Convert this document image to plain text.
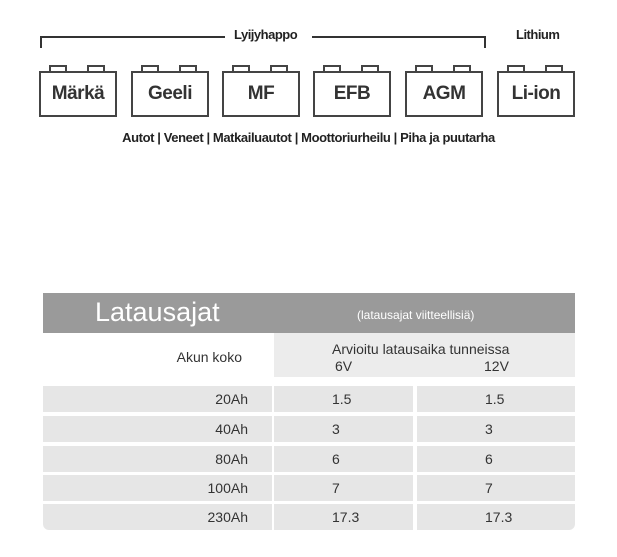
Lyijyhappo	Lithium
Märkä	Geeli	MF	EFB	AGM	Li-ion
Autot | Veneet | Matkailuautot | Moottoriurheilu | Piha ja puutarha
Latausajat	(latausajat viitteellisiä)
Akun koko	Arvioitu latausaika tunneissa
6V	12V
20Ah	1.5	1.5
40Ah	3	3
80Ah	6	6
100Ah	7	7
230Ah	17.3	17.3
